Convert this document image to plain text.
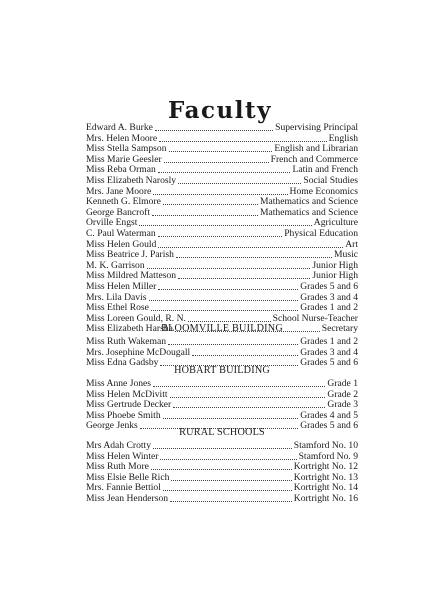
Faculty
Edward A. Burke	Supervising Principal
Mrs. Helen Moore	English
Miss Stella Sampson	English and Librarian
Miss Marie Geesler	French and Commerce
Miss Reba Orman	Latin and French
Miss Elizabeth Narosly	Social Studies
Mrs. Jane Moore	Home Economics
Kenneth G. Elmore	Mathematics and Science
George Bancroft	Mathematics and Science
Orville Engst	Agriculture
C. Paul Waterman	Physical Education
Miss Helen Gould	Art
Miss Beatrice J. Parish	Music
M. K. Garrison	Junior High
Miss Mildred Matteson	Junior High
Miss Helen Miller	Grades 5 and 6
Mrs. Lila Davis	Grades 3 and 4
Miss Ethel Rose	Grades 1 and 2
Miss Loreen Gould, R. N.	School Nurse-Teacher
Miss Elizabeth Harsha	Secretary
BLOOMVILLE BUILDING
Miss Ruth Wakeman	Grades 1 and 2
Mrs. Josephine McDougall	Grades 3 and 4
Miss Edna Gadsby	Grades 5 and 6
HOBART BUILDING
Miss Anne Jones	Grade 1
Miss Helen McDivitt	Grade 2
Miss Gertrude Decker	Grade 3
Miss Phoebe Smith	Grades 4 and 5
George Jenks	Grades 5 and 6
RURAL SCHOOLS
Mrs Adah Crotty	Stamford No. 10
Miss Helen Winter	Stamford No. 9
Miss Ruth More	Kortright No. 12
Miss Elsie Belle Rich	Kortright No. 13
Mrs. Fannie Bettiol	Kortright No. 14
Miss Jean Henderson	Kortright No. 16
